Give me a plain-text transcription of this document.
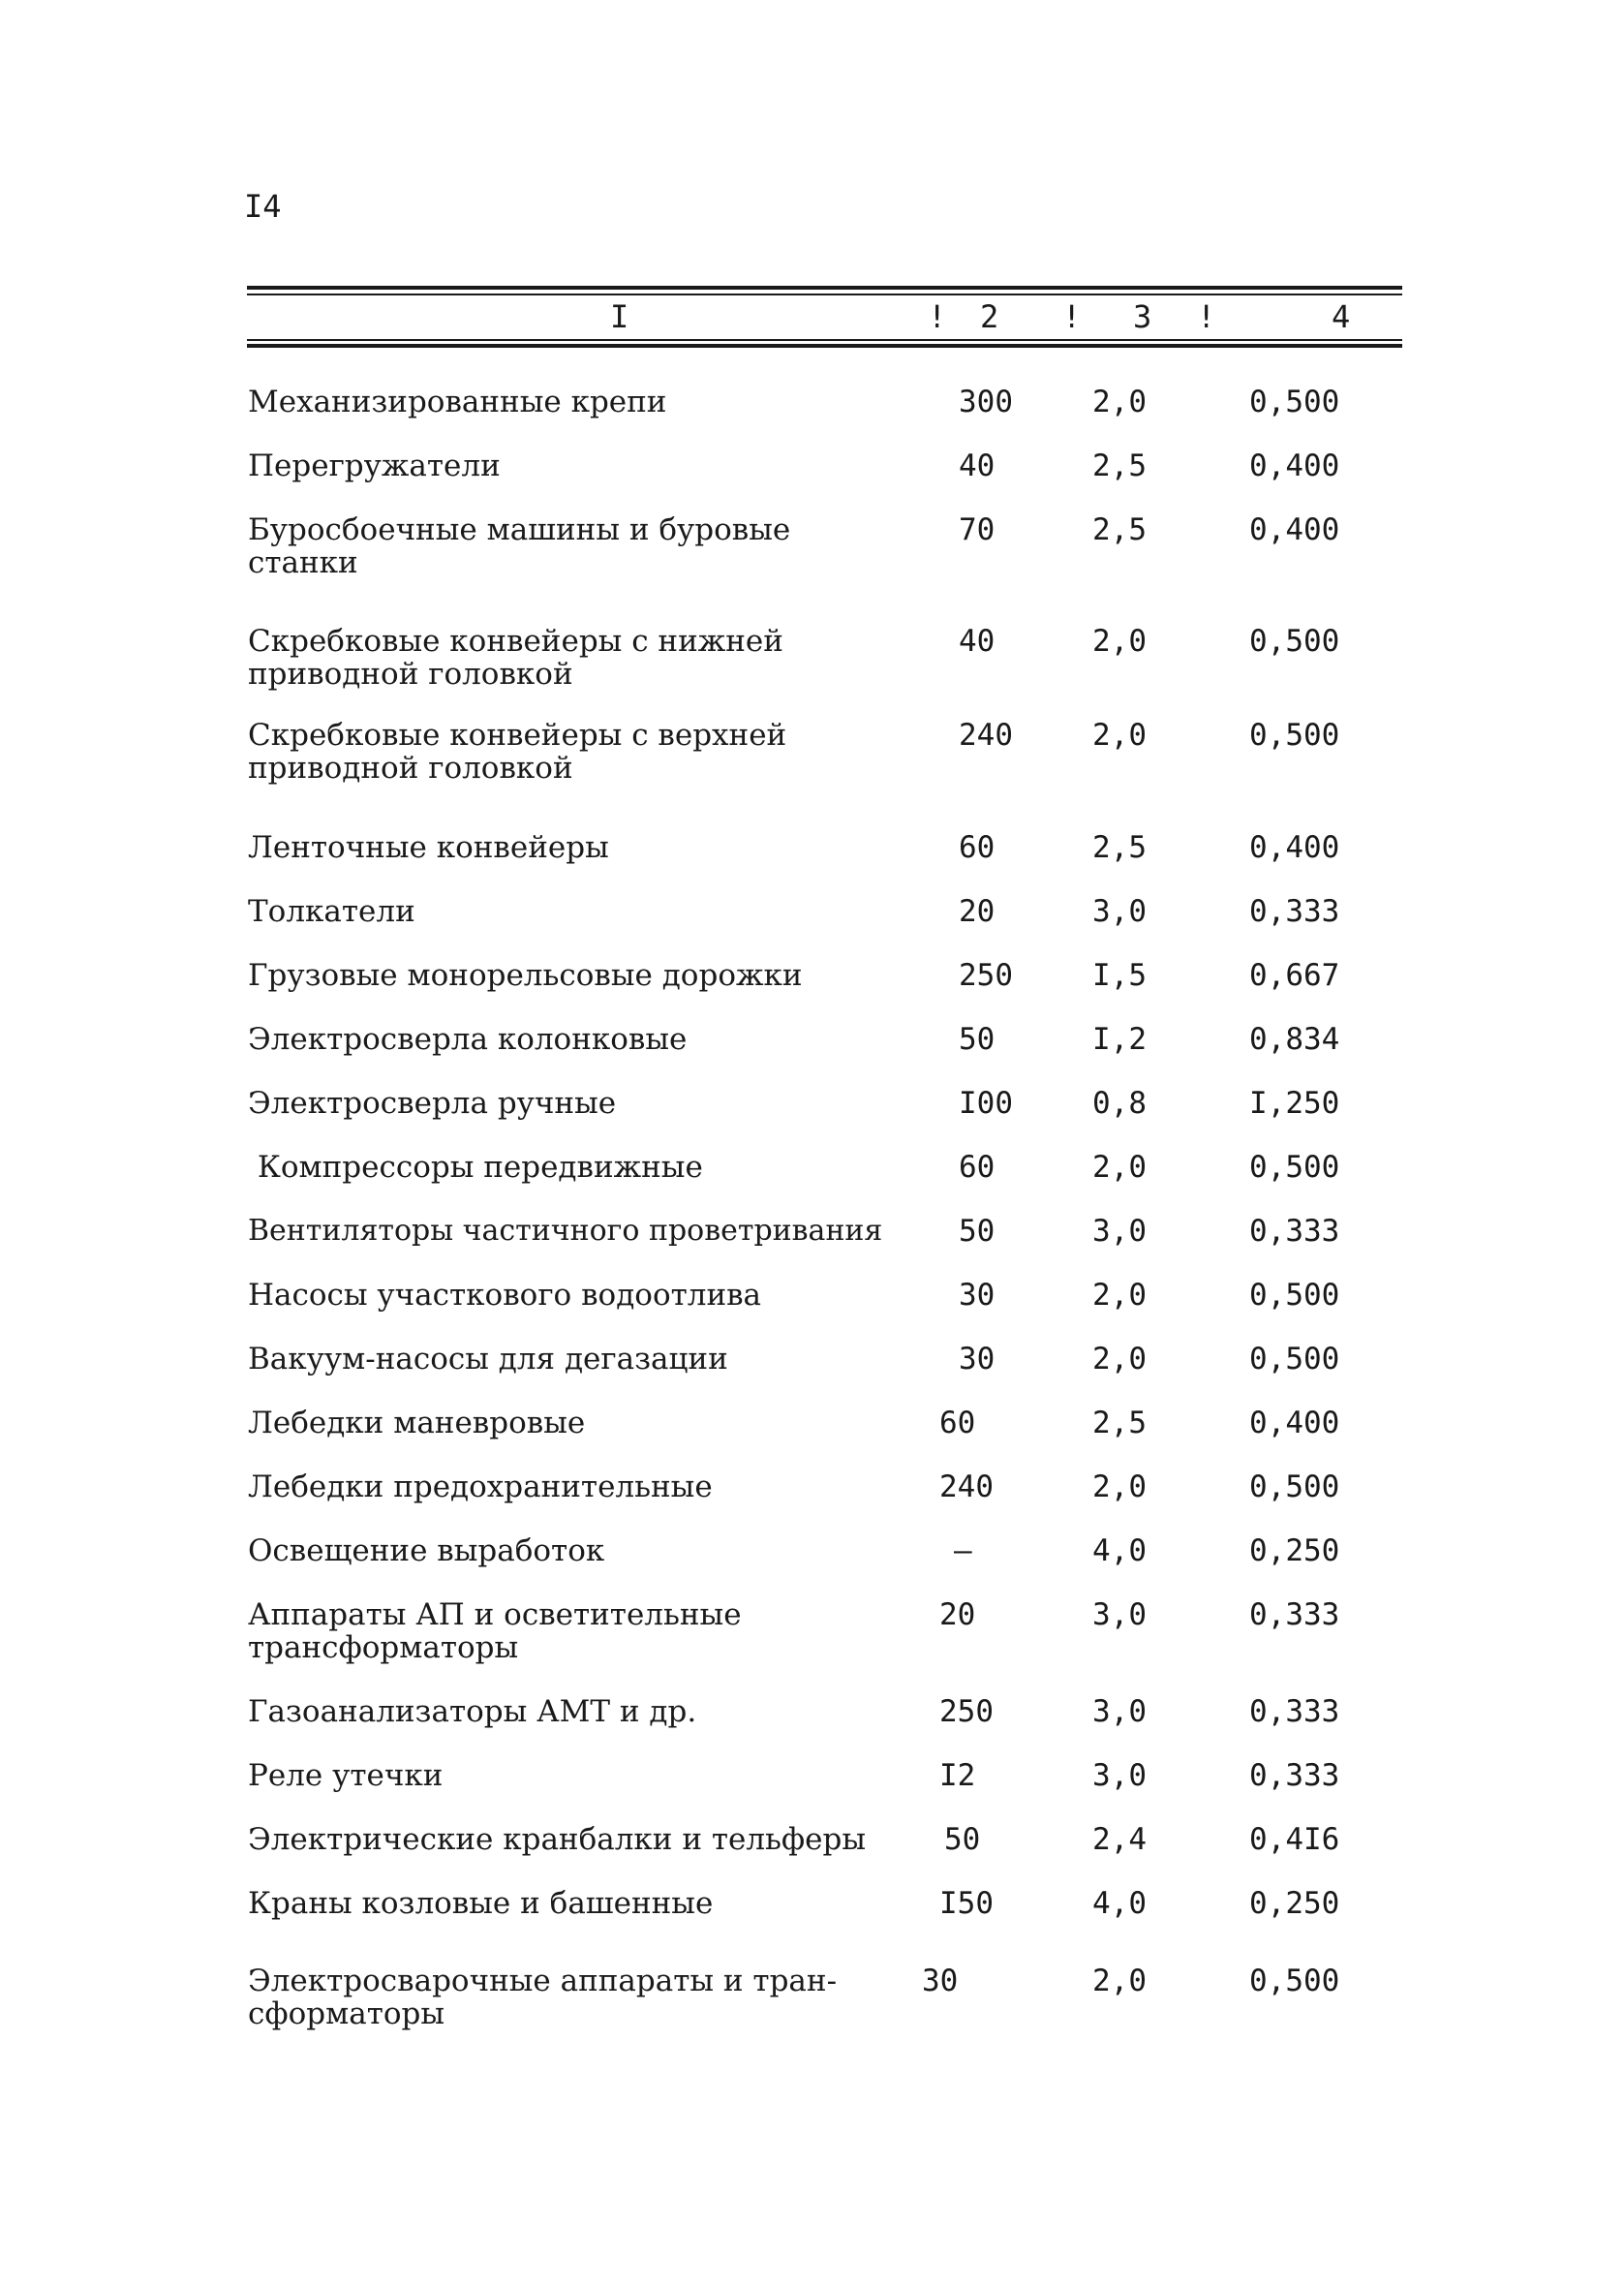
I4
I	! 2 ! 3 !	4
Механизированные крепи	300	2,0	0,500
Перегружатели	40	2,5	0,400
Буросбоечные машины и буровые
станки
70	2,5	0,400
Скребковые конвейеры с нижней
приводной головкой
40	2,0	0,500
Скребковые конвейеры с верхней
приводной головкой
240	2,0	0,500
Ленточные конвейеры	60	2,5	0,400
Толкатели	20	3,0	0,333
Грузовые монорельсовые дорожки	250	I,5	0,667
Электросверла колонковые	50	I,2	0,834
Электросверла ручные	I00	0,8	I,250
Компрессоры передвижные	60	2,0	0,500
Вентиляторы частичного проветривания	50	3,0	0,333
Насосы участкового водоотлива	30	2,0	0,500
Вакуум-насосы для дегазации	30	2,0	0,500
Лебедки маневровые	60	2,5	0,400
Лебедки предохранительные	240	2,0	0,500
Освещение выработок	–	4,0	0,250
Аппараты АП и осветительные
трансформаторы
20	3,0	0,333
Газоанализаторы АМТ и др.	250	3,0	0,333
Реле утечки	I2	3,0	0,333
Электрические кранбалки и тельферы	50	2,4	0,4I6
Краны козловые и башенные	I50	4,0	0,250
Электросварочные аппараты и тран-
сформаторы
30	2,0	0,500
